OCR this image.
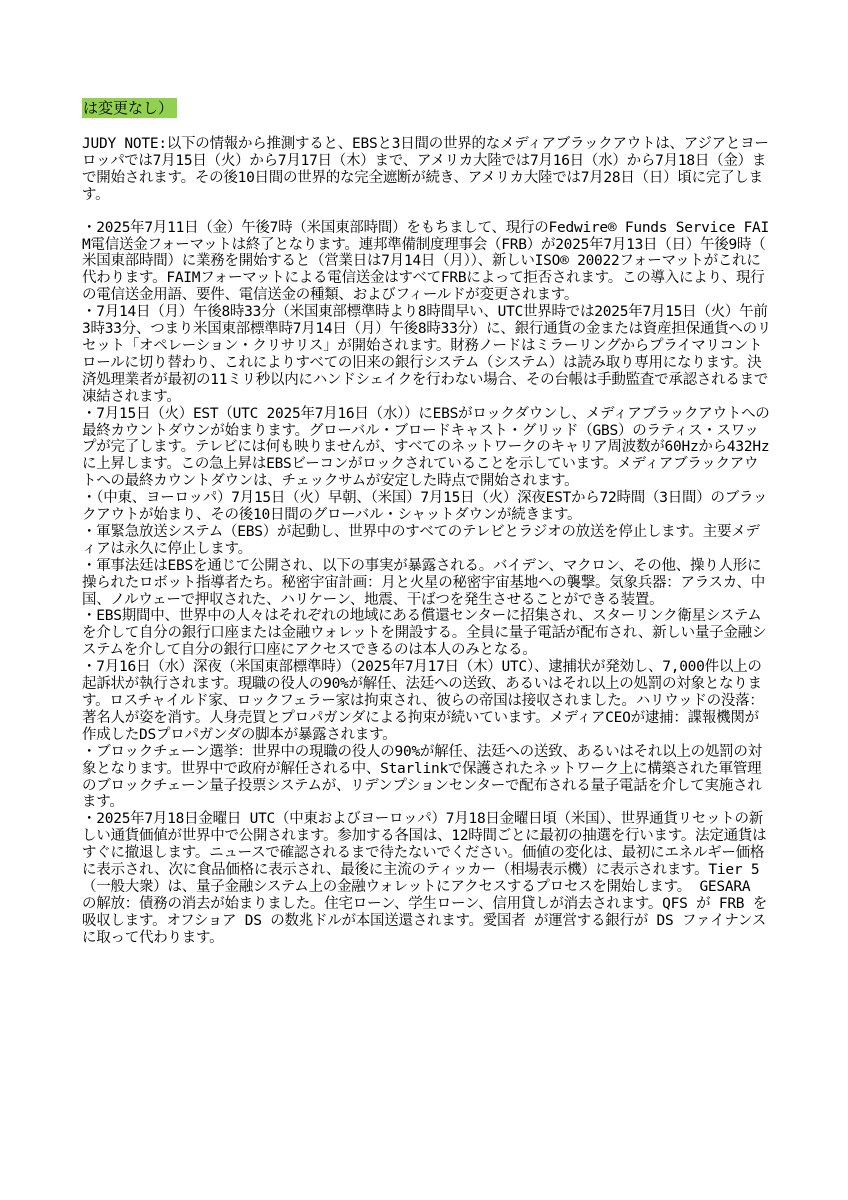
は変更なし）

JUDY NOTE:以下の情報から推測すると、EBSと3日間の世界的なメディアブラックアウトは、アジアとヨーロッパでは7月15日（火）から7月17日（木）まで、アメリカ大陸では7月16日（水）から7月18日（金）まで開始されます。その後10日間の世界的な完全遮断が続き、アメリカ大陸では7月28日（日）頃に完了します。

・2025年7月11日（金）午後7時（米国東部時間）をもちまして、現行のFedwire® Funds Service FAIM電信送金フォーマットは終了となります。連邦準備制度理事会（FRB）が2025年7月13日（日）午後9時（米国東部時間）に業務を開始すると（営業日は7月14日（月））、新しいISO® 20022フォーマットがこれに代わります。FAIMフォーマットによる電信送金はすべてFRBによって拒否されます。この導入により、現行の電信送金用語、要件、電信送金の種類、およびフィールドが変更されます。

・7月14日（月）午後8時33分（米国東部標準時より8時間早い、UTC世界時では2025年7月15日（火）午前3時33分、つまり米国東部標準時7月14日（月）午後8時33分）に、銀行通貨の金または資産担保通貨へのリセット「オペレーション・クリサリス」が開始されます。財務ノードはミラーリングからプライマリコントロールに切り替わり、これによりすべての旧来の銀行システム（システム）は読み取り専用になります。決済処理業者が最初の11ミリ秒以内にハンドシェイクを行わない場合、その台帳は手動監査で承認されるまで凍結されます。

・7月15日（火）EST（UTC 2025年7月16日（水））にEBSがロックダウンし、メディアブラックアウトへの最終カウントダウンが始まります。グローバル・ブロードキャスト・グリッド（GBS）のラティス・スワップが完了します。テレビには何も映りませんが、すべてのネットワークのキャリア周波数が60Hzから432Hzに上昇します。この急上昇はEBSビーコンがロックされていることを示しています。メディアブラックアウトへの最終カウントダウンは、チェックサムが安定した時点で開始されます。

・（中東、ヨーロッパ）7月15日（火）早朝、（米国）7月15日（火）深夜ESTから72時間（3日間）のブラックアウトが始まり、その後10日間のグローバル・シャットダウンが続きます。

・軍緊急放送システム（EBS）が起動し、世界中のすべてのテレビとラジオの放送を停止します。主要メディアは永久に停止します。

・軍事法廷はEBSを通じて公開され、以下の事実が暴露される。バイデン、マクロン、その他、操り人形に操られたロボット指導者たち。秘密宇宙計画：月と火星の秘密宇宙基地への襲撃。気象兵器：アラスカ、中国、ノルウェーで押収された、ハリケーン、地震、干ばつを発生させることができる装置。

・EBS期間中、世界中の人々はそれぞれの地域にある償還センターに招集され、スターリンク衛星システムを介して自分の銀行口座または金融ウォレットを開設する。全員に量子電話が配布され、新しい量子金融システムを介して自分の銀行口座にアクセスできるのは本人のみとなる。

・7月16日（水）深夜（米国東部標準時）（2025年7月17日（木）UTC）、逮捕状が発効し、7,000件以上の起訴状が執行されます。現職の役人の90%が解任、法廷への送致、あるいはそれ以上の処罰の対象となります。ロスチャイルド家、ロックフェラー家は拘束され、彼らの帝国は接収されました。ハリウッドの没落：著名人が姿を消す。人身売買とプロパガンダによる拘束が続いています。メディアCEOが逮捕：諜報機関が作成したDSプロパガンダの脚本が暴露されます。

・ブロックチェーン選挙：世界中の現職の役人の90%が解任、法廷への送致、あるいはそれ以上の処罰の対象となります。世界中で政府が解任される中、Starlinkで保護されたネットワーク上に構築された軍管理のブロックチェーン量子投票システムが、リデンプションセンターで配布される量子電話を介して実施されます。

・2025年7月18日金曜日 UTC（中東およびヨーロッパ）7月18日金曜日頃（米国）、世界通貨リセットの新しい通貨価値が世界中で公開されます。参加する各国は、12時間ごとに最初の抽選を行います。法定通貨はすぐに撤退します。ニュースで確認されるまで待たないでください。価値の変化は、最初にエネルギー価格に表示され、次に食品価格に表示され、最後に主流のティッカー（相場表示機）に表示されます。Tier 5（一般大衆）は、量子金融システム上の金融ウォレットにアクセスするプロセスを開始します。 GESARA の解放：債務の消去が始まりました。住宅ローン、学生ローン、信用貸しが消去されます。QFS が FRB を吸収します。オフショア DS の数兆ドルが本国送還されます。愛国者 が運営する銀行が DS ファイナンスに取って代わります。
